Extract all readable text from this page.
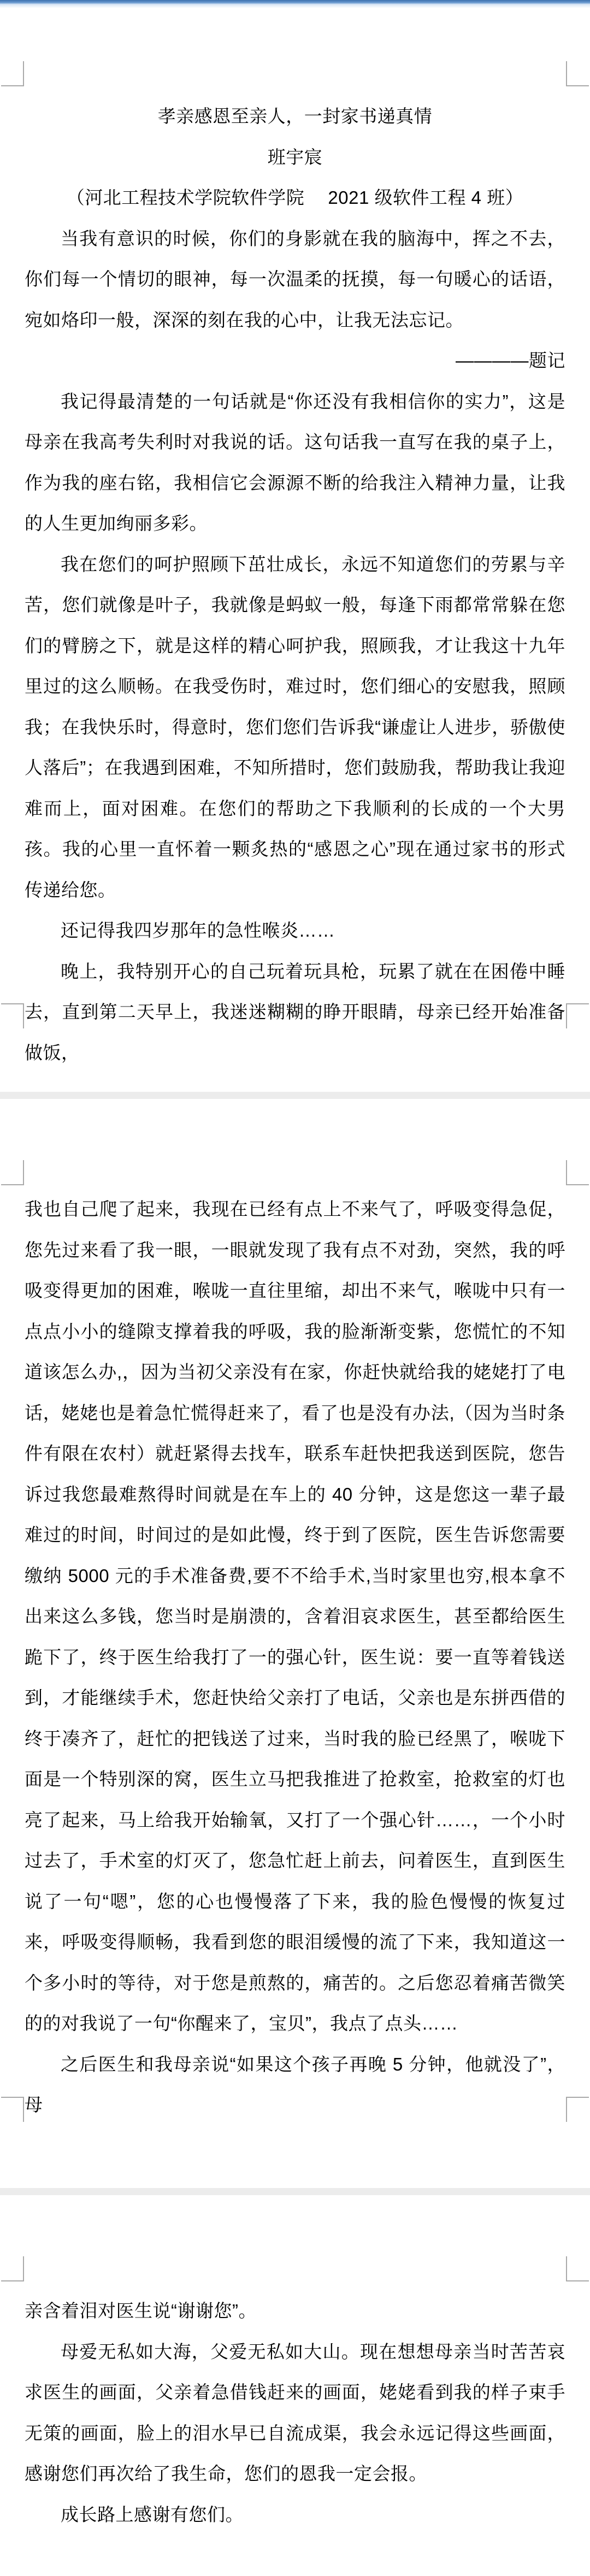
孝亲感恩至亲人，一封家书递真情

班宇宸

（河北工程技术学院软件学院　 2021 级软件工程 4 班）

当我有意识的时候，你们的身影就在我的脑海中，挥之不去，你们每一个情切的眼神，每一次温柔的抚摸，每一句暖心的话语，宛如烙印一般，深深的刻在我的心中，让我无法忘记。

————题记

我记得最清楚的一句话就是“你还没有我相信你的实力”，这是母亲在我高考失利时对我说的话。这句话我一直写在我的桌子上，作为我的座右铭，我相信它会源源不断的给我注入精神力量，让我的人生更加绚丽多彩。

我在您们的呵护照顾下茁壮成长，永远不知道您们的劳累与辛苦，您们就像是叶子，我就像是蚂蚁一般，每逢下雨都常常躲在您们的臂膀之下，就是这样的精心呵护我，照顾我，才让我这十九年里过的这么顺畅。在我受伤时，难过时，您们细心的安慰我，照顾我；在我快乐时，得意时，您们您们告诉我“谦虚让人进步，骄傲使人落后”；在我遇到困难，不知所措时，您们鼓励我，帮助我让我迎难而上，面对困难。在您们的帮助之下我顺利的长成的一个大男孩。我的心里一直怀着一颗炙热的“感恩之心”现在通过家书的形式传递给您。

还记得我四岁那年的急性喉炎……

晚上，我特别开心的自己玩着玩具枪，玩累了就在在困倦中睡去，直到第二天早上，我迷迷糊糊的睁开眼睛，母亲已经开始准备做饭，

我也自己爬了起来，我现在已经有点上不来气了，呼吸变得急促，您先过来看了我一眼，一眼就发现了我有点不对劲，突然，我的呼吸变得更加的困难，喉咙一直往里缩，却出不来气，喉咙中只有一点点小小的缝隙支撑着我的呼吸，我的脸渐渐变紫，您慌忙的不知道该怎么办,，因为当初父亲没有在家，你赶快就给我的姥姥打了电话，姥姥也是着急忙慌得赶来了，看了也是没有办法,（因为当时条件有限在农村）就赶紧得去找车，联系车赶快把我送到医院，您告诉过我您最难熬得时间就是在车上的 40 分钟，这是您这一辈子最难过的时间，时间过的是如此慢，终于到了医院，医生告诉您需要缴纳 5000 元的手术准备费,要不不给手术,当时家里也穷,根本拿不出来这么多钱，您当时是崩溃的，含着泪哀求医生，甚至都给医生跪下了，终于医生给我打了一的强心针，医生说：要一直等着钱送到，才能继续手术，您赶快给父亲打了电话，父亲也是东拼西借的终于凑齐了，赶忙的把钱送了过来，当时我的脸已经黑了，喉咙下面是一个特别深的窝，医生立马把我推进了抢救室，抢救室的灯也亮了起来，马上给我开始输氧，又打了一个强心针……，一个小时过去了，手术室的灯灭了，您急忙赶上前去，问着医生，直到医生说了一句“嗯”，您的心也慢慢落了下来，我的脸色慢慢的恢复过来，呼吸变得顺畅，我看到您的眼泪缓慢的流了下来，我知道这一个多小时的等待，对于您是煎熬的，痛苦的。之后您忍着痛苦微笑的的对我说了一句“你醒来了，宝贝”，我点了点头……

之后医生和我母亲说“如果这个孩子再晚 5 分钟，他就没了”，母

亲含着泪对医生说“谢谢您”。

母爱无私如大海，父爱无私如大山。现在想想母亲当时苦苦哀求医生的画面，父亲着急借钱赶来的画面，姥姥看到我的样子束手无策的画面，脸上的泪水早已自流成渠，我会永远记得这些画面，感谢您们再次给了我生命，您们的恩我一定会报。

成长路上感谢有您们。
